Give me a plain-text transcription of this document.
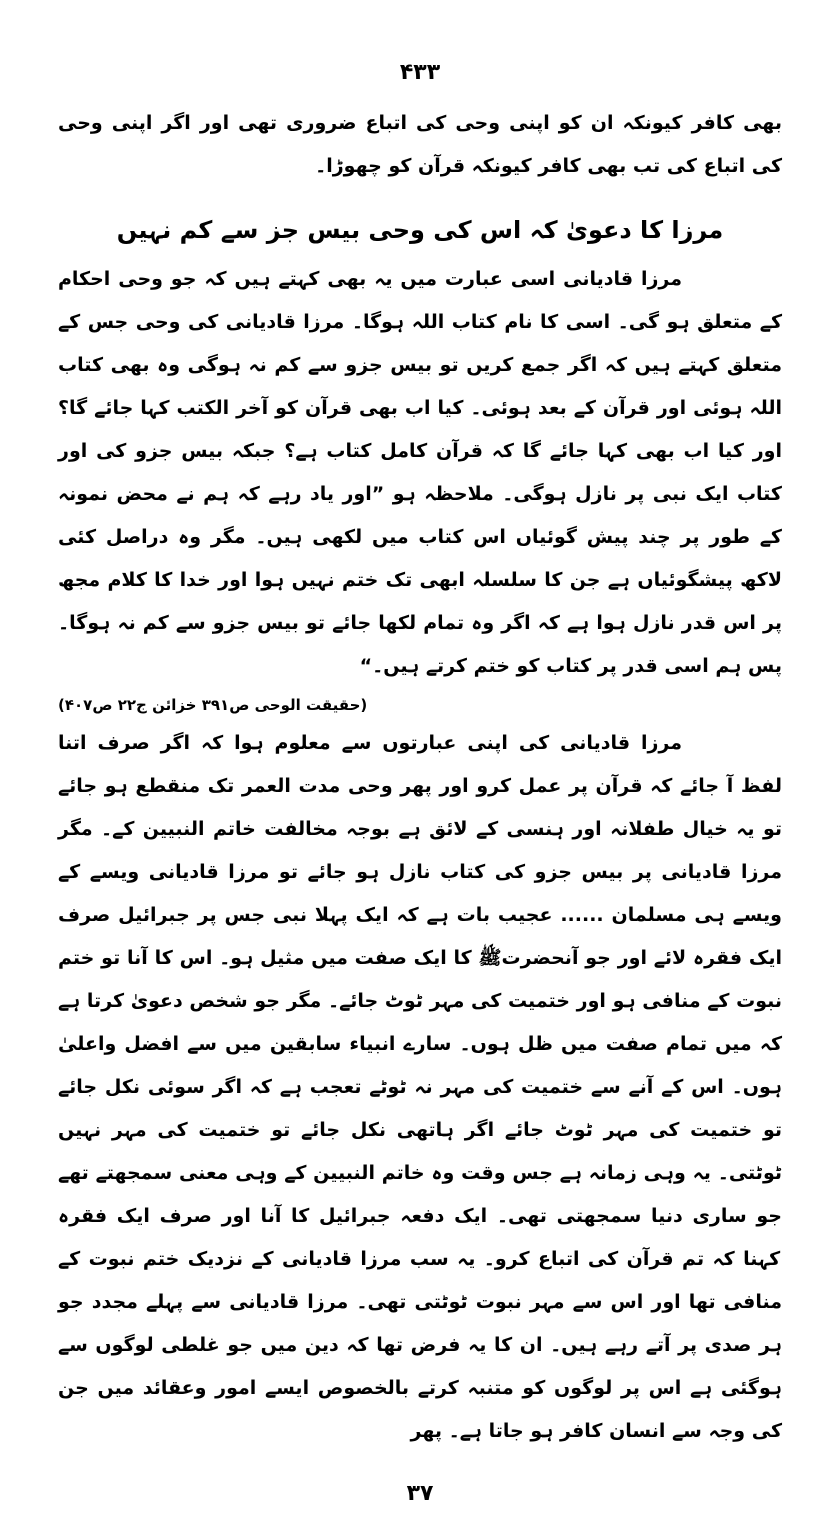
۴۳۳

بھی کافر کیونکہ ان کو اپنی وحی کی اتباع ضروری تھی اور اگر اپنی وحی کی اتباع کی تب بھی کافر کیونکہ قرآن کو چھوڑا۔

مرزا کا دعویٰ کہ اس کی وحی بیس جز سے کم نہیں

مرزا قادیانی اسی عبارت میں یہ بھی کہتے ہیں کہ جو وحی احکام کے متعلق ہو گی۔ اسی کا نام کتاب اللہ ہوگا۔ مرزا قادیانی کی وحی جس کے متعلق کہتے ہیں کہ اگر جمع کریں تو بیس جزو سے کم نہ ہوگی وہ بھی کتاب اللہ ہوئی اور قرآن کے بعد ہوئی۔ کیا اب بھی قرآن کو آخر الکتب کہا جائے گا؟ اور کیا اب بھی کہا جائے گا کہ قرآن کامل کتاب ہے؟ جبکہ بیس جزو کی اور کتاب ایک نبی پر نازل ہوگی۔ ملاحظہ ہو ”اور یاد رہے کہ ہم نے محض نمونہ کے طور پر چند پیش گوئیاں اس کتاب میں لکھی ہیں۔ مگر وہ دراصل کئی لاکھ پیشگوئیاں ہے جن کا سلسلہ ابھی تک ختم نہیں ہوا اور خدا کا کلام مجھ پر اس قدر نازل ہوا ہے کہ اگر وہ تمام لکھا جائے تو بیس جزو سے کم نہ ہوگا۔ پس ہم اسی قدر پر کتاب کو ختم کرتے ہیں۔“

(حقیقت الوحی ص۳۹۱ خزائن ج۲۲ ص۴۰۷)

مرزا قادیانی کی اپنی عبارتوں سے معلوم ہوا کہ اگر صرف اتنا لفظ آ جائے کہ قرآن پر عمل کرو اور پھر وحی مدت العمر تک منقطع ہو جائے تو یہ خیال طفلانہ اور ہنسی کے لائق ہے بوجہ مخالفت خاتم النبیین کے۔ مگر مرزا قادیانی پر بیس جزو کی کتاب نازل ہو جائے تو مرزا قادیانی ویسے کے ویسے ہی مسلمان ...... عجیب بات ہے کہ ایک پہلا نبی جس پر جبرائیل صرف ایک فقرہ لائے اور جو آنحضرتﷺ کا ایک صفت میں مثیل ہو۔ اس کا آنا تو ختم نبوت کے منافی ہو اور ختمیت کی مہر ٹوٹ جائے۔ مگر جو شخص دعویٰ کرتا ہے کہ میں تمام صفت میں ظل ہوں۔ سارے انبیاء سابقین میں سے افضل واعلیٰ ہوں۔ اس کے آنے سے ختمیت کی مہر نہ ٹوٹے تعجب ہے کہ اگر سوئی نکل جائے تو ختمیت کی مہر ٹوٹ جائے اگر ہاتھی نکل جائے تو ختمیت کی مہر نہیں ٹوٹتی۔ یہ وہی زمانہ ہے جس وقت وہ خاتم النبیین کے وہی معنی سمجھتے تھے جو ساری دنیا سمجھتی تھی۔ ایک دفعہ جبرائیل کا آنا اور صرف ایک فقرہ کہنا کہ تم قرآن کی اتباع کرو۔ یہ سب مرزا قادیانی کے نزدیک ختم نبوت کے منافی تھا اور اس سے مہر نبوت ٹوٹتی تھی۔ مرزا قادیانی سے پہلے مجدد جو ہر صدی پر آتے رہے ہیں۔ ان کا یہ فرض تھا کہ دین میں جو غلطی لوگوں سے ہوگئی ہے اس پر لوگوں کو متنبہ کرتے بالخصوص ایسے امور وعقائد میں جن کی وجہ سے انسان کافر ہو جاتا ہے۔ پھر

۳۷
